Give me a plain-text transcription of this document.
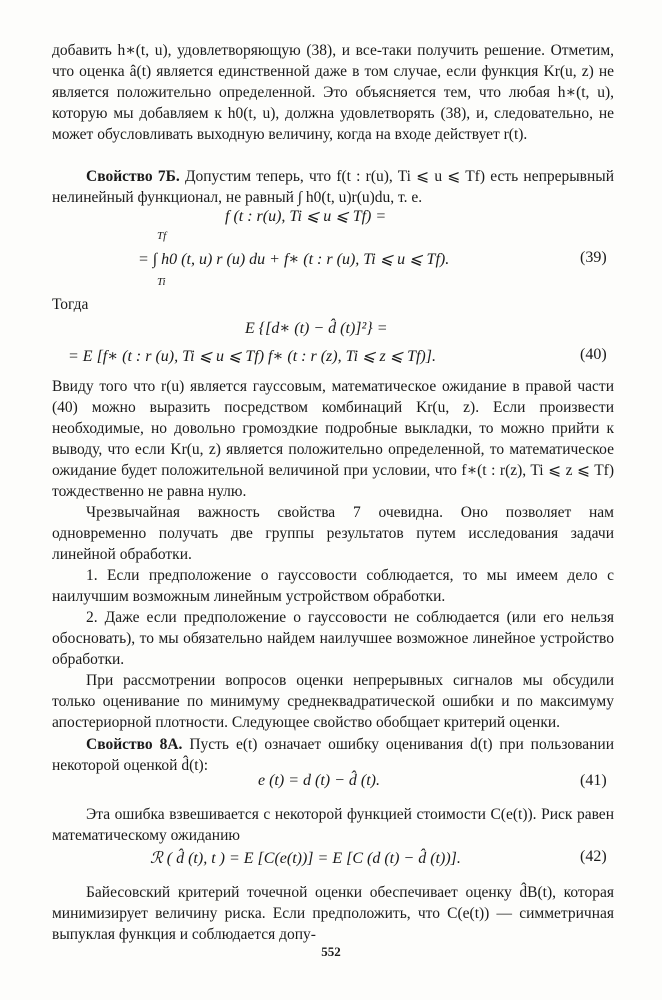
добавить h∗(t, u), удовлетворяющую (38), и все-таки получить решение. Отметим, что оценка â(t) является единственной даже в том случае, если функция Kr(u, z) не является положительно определенной. Это объясняется тем, что любая h∗(t, u), которую мы добавляем к h0(t, u), должна удовлетворять (38), и, следовательно, не может обусловливать выходную величину, когда на входе действует r(t).
Свойство 7Б. Допустим теперь, что f(t : r(u), Ti ⩽ u ⩽ Tf) есть непрерывный нелинейный функционал, не равный ∫ h0(t, u)r(u)du, т. е.
f (t : r(u), Ti ⩽ u ⩽ Tf) =
Tf
= ∫ h0 (t, u) r (u) du + f∗ (t : r (u), Ti ⩽ u ⩽ Tf).
Ti
(39)
Тогда
E {[d∗ (t) − d̂ (t)]²} =
= E [f∗ (t : r (u), Ti ⩽ u ⩽ Tf) f∗ (t : r (z), Ti ⩽ z ⩽ Tf)].	(40)
Ввиду того что r(u) является гауссовым, математическое ожидание в правой части (40) можно выразить посредством комбинаций Kr(u, z). Если произвести необходимые, но довольно громоздкие подробные выкладки, то можно прийти к выводу, что если Kr(u, z) является положительно определенной, то математическое ожидание будет положительной величиной при условии, что f∗(t : r(z), Ti ⩽ z ⩽ Tf) тождественно не равна нулю.
Чрезвычайная важность свойства 7 очевидна. Оно позволяет нам одновременно получать две группы результатов путем исследования задачи линейной обработки.
1. Если предположение о гауссовости соблюдается, то мы имеем дело с наилучшим возможным линейным устройством обработки.
2. Даже если предположение о гауссовости не соблюдается (или его нельзя обосновать), то мы обязательно найдем наилучшее возможное линейное устройство обработки.
При рассмотрении вопросов оценки непрерывных сигналов мы обсудили только оценивание по минимуму среднеквадратической ошибки и по максимуму апостериорной плотности. Следующее свойство обобщает критерий оценки.
Свойство 8А. Пусть e(t) означает ошибку оценивания d(t) при пользовании некоторой оценкой d̂(t):
e (t) = d (t) − d̂ (t).	(41)
Эта ошибка взвешивается с некоторой функцией стоимости C(e(t)). Риск равен математическому ожиданию
ℛ ( d̂ (t), t ) = E [C(e(t))] = E [C (d (t) − d̂ (t))].	(42)
Байесовский критерий точечной оценки обеспечивает оценку d̂B(t), которая минимизирует величину риска. Если предположить, что C(e(t)) — симметричная выпуклая функция и соблюдается допу-
552
